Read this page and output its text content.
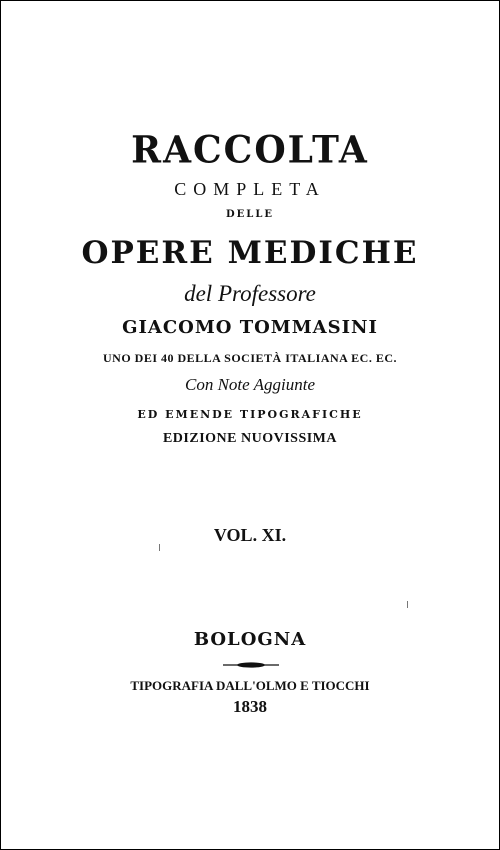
RACCOLTA
COMPLETA
DELLE
OPERE MEDICHE
del Professore
GIACOMO TOMMASINI
UNO DEI 40 DELLA SOCIETÀ ITALIANA EC. EC.
Con Note Aggiunte
ED EMENDE TIPOGRAFICHE
EDIZIONE NUOVISSIMA
VOL. XI.
BOLOGNA
TIPOGRAFIA DALL'OLMO E TIOCCHI
1838
